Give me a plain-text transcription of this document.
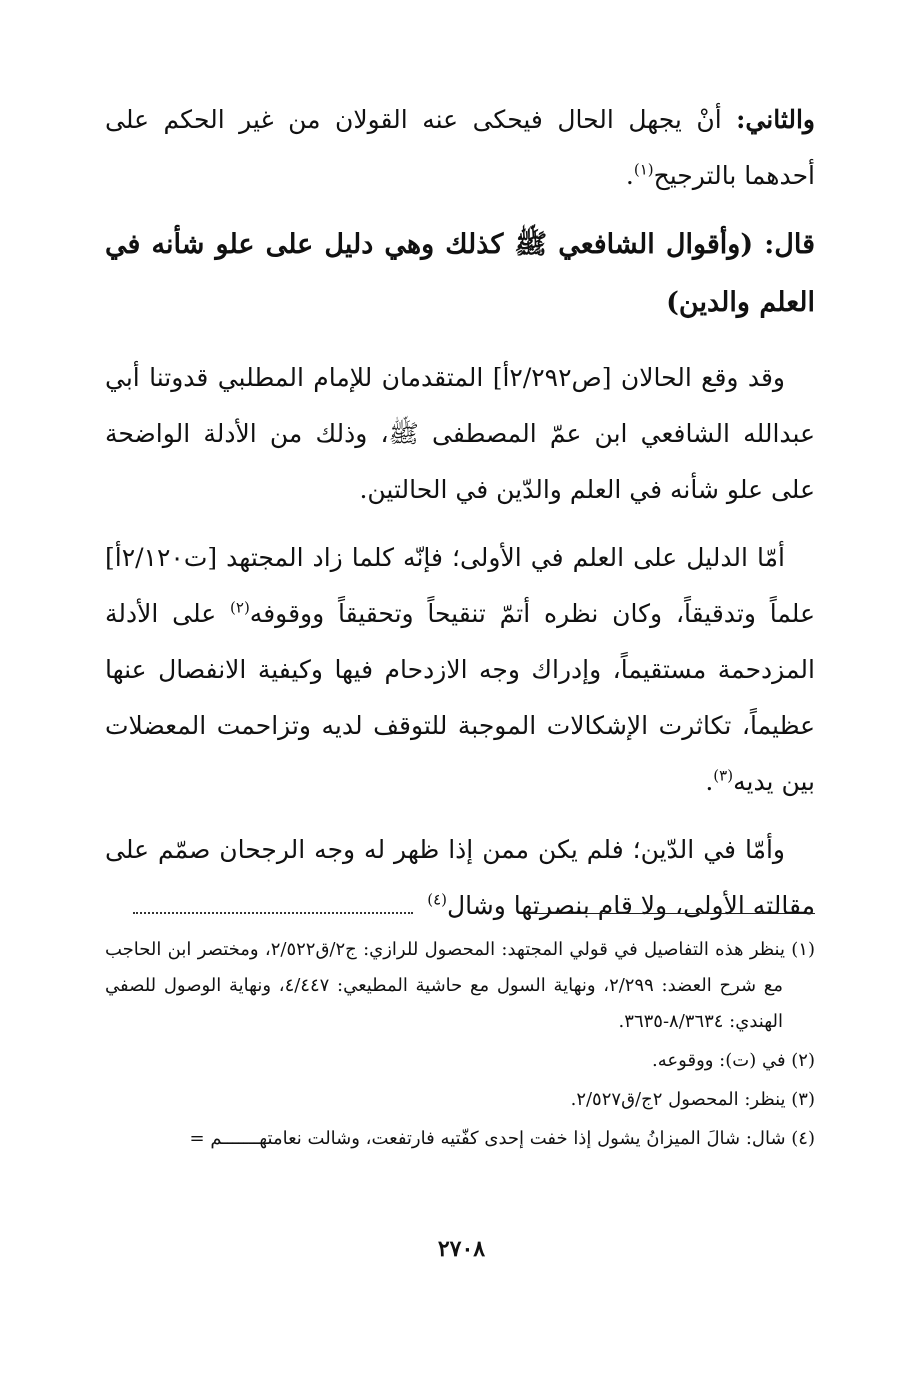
والثاني: أنْ يجهل الحال فيحكى عنه القولان من غير الحكم على أحدهما بالترجيح$^{(١)}$.

قال: (وأقوال الشافعي ﷺ كذلك وهي دليل على علو شأنه في العلم والدين)

وقد وقع الحالان [ص٢/٢٩٢أ] المتقدمان للإمام المطلبي قدوتنا أبي عبدالله الشافعي ابن عمّ المصطفى ﷺ، وذلك من الأدلة الواضحة على علو شأنه في العلم والدّين في الحالتين.

أمّا الدليل على العلم في الأولى؛ فإنّه كلما زاد المجتهد [ت٢/١٢٠أ] علماً وتدقيقاً، وكان نظره أتمّ تنقيحاً وتحقيقاً ووقوفه$^{(٢)}$ على الأدلة المزدحمة مستقيماً، وإدراك وجه الازدحام فيها وكيفية الانفصال عنها عظيماً، تكاثرت الإشكالات الموجبة للتوقف لديه وتزاحمت المعضلات بين يديه$^{(٣)}$.

وأمّا في الدّين؛ فلم يكن ممن إذا ظهر له وجه الرجحان صمّم على مقالته الأولى، ولا قام بنصرتها وشال$^{(٤)}$

(١) ينظر هذه التفاصيل في قولي المجتهد: المحصول للرازي: ج٢/ق٢/٥٢٢، ومختصر ابن الحاجب مع شرح العضد: ٢/٢٩٩، ونهاية السول مع حاشية المطيعي: ٤/٤٤٧، ونهاية الوصول للصفي الهندي: ٨/٣٦٣٤-٣٦٣٥.

(٢) في (ت): ووقوعه.

(٣) ينظر: المحصول ٢ج/ق٢/٥٢٧.

(٤) شال: شالَ الميزانُ يشول إذا خفت إحدى كفّتيه فارتفعت، وشالت نعامتهـــــــم =

٢٧٠٨
